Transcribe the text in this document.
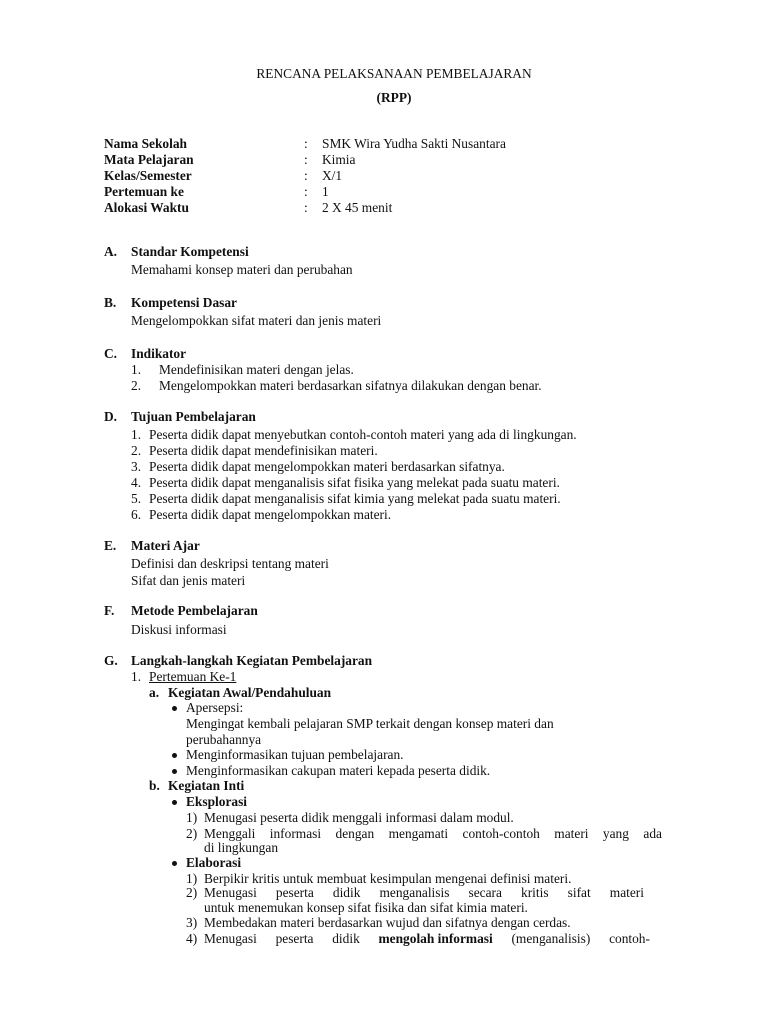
RENCANA PELAKSANAAN PEMBELAJARAN
(RPP)
Nama Sekolah	: SMK Wira Yudha Sakti Nusantara
Mata Pelajaran	: Kimia
Kelas/Semester	: X/1
Pertemuan ke	: 1
Alokasi Waktu	: 2 X 45 menit
A. Standar Kompetensi
Memahami konsep materi dan perubahan
B. Kompetensi Dasar
Mengelompokkan sifat materi dan jenis materi
C. Indikator
1. Mendefinisikan materi dengan jelas.
2. Mengelompokkan materi berdasarkan sifatnya dilakukan dengan benar.
D. Tujuan Pembelajaran
1. Peserta didik dapat menyebutkan contoh-contoh materi yang ada di lingkungan.
2. Peserta didik dapat mendefinisikan materi.
3. Peserta didik dapat mengelompokkan materi berdasarkan sifatnya.
4. Peserta didik dapat menganalisis sifat fisika yang melekat pada suatu materi.
5. Peserta didik dapat menganalisis sifat kimia yang melekat pada suatu materi.
6. Peserta didik dapat mengelompokkan materi.
E. Materi Ajar
Definisi dan deskripsi tentang materi
Sifat dan jenis materi
F. Metode Pembelajaran
Diskusi informasi
G. Langkah-langkah Kegiatan Pembelajaran
1. Pertemuan Ke-1
a. Kegiatan Awal/Pendahuluan
Apersepsi:
Mengingat kembali pelajaran SMP terkait dengan konsep materi dan
perubahannya
Menginformasikan tujuan pembelajaran.
Menginformasikan cakupan materi kepada peserta didik.
b. Kegiatan Inti
Eksplorasi
1) Menugasi peserta didik menggali informasi dalam modul.
2) Menggali informasi dengan mengamati contoh-contoh materi yang ada
di lingkungan
Elaborasi
1) Berpikir kritis untuk membuat kesimpulan mengenai definisi materi.
2) Menugasi peserta didik menganalisis secara kritis sifat materi
untuk menemukan konsep sifat fisika dan sifat kimia materi.
3) Membedakan materi berdasarkan wujud dan sifatnya dengan cerdas.
4) Menugasi peserta didik mengolah informasi (menganalisis) contoh-
